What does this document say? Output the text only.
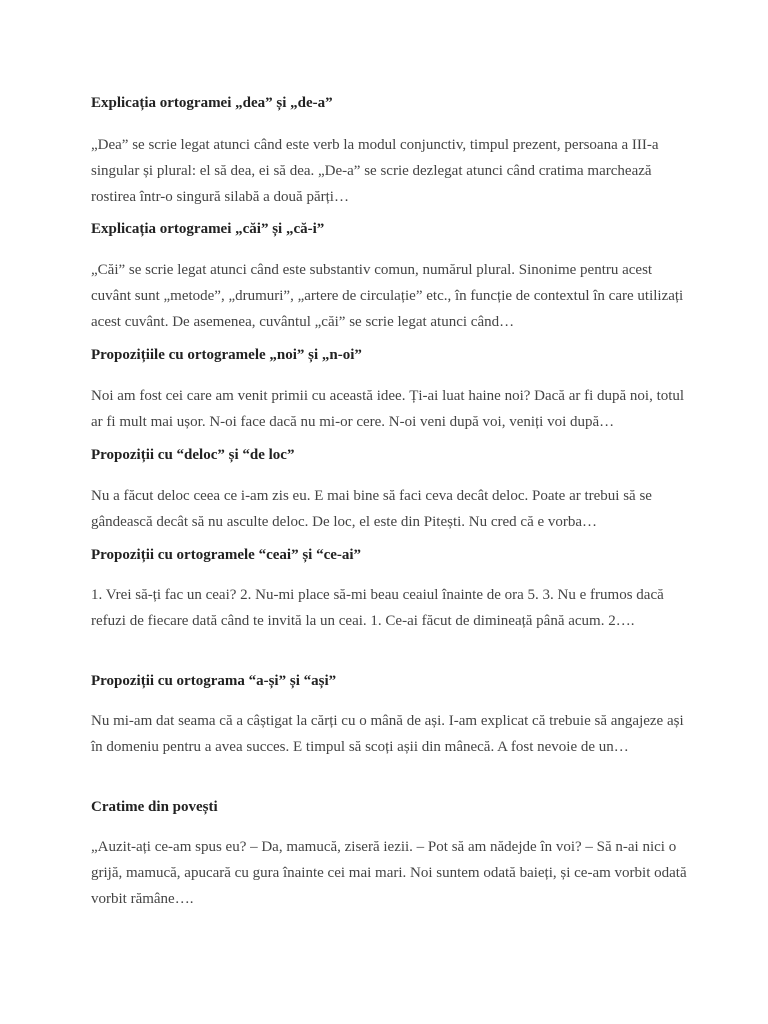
Explicația ortogramei „dea” și „de-a”

„Dea” se scrie legat atunci când este verb la modul conjunctiv, timpul prezent, persoana a III-a singular și plural: el să dea, ei să dea. „De-a” se scrie dezlegat atunci când cratima marchează rostirea într-o singură silabă a două părți…

Explicația ortogramei „căi” și „că-i”

„Căi” se scrie legat atunci când este substantiv comun, numărul plural. Sinonime pentru acest cuvânt sunt „metode”, „drumuri”, „artere de circulație” etc., în funcție de contextul în care utilizați acest cuvânt. De asemenea, cuvântul „căi” se scrie legat atunci când…

Propozițiile cu ortogramele „noi” și „n-oi”

Noi am fost cei care am venit primii cu această idee. Ți-ai luat haine noi? Dacă ar fi după noi, totul ar fi mult mai ușor. N-oi face dacă nu mi-or cere. N-oi veni după voi, veniți voi după…

Propoziții cu “deloc” și “de loc”

Nu a făcut deloc ceea ce i-am zis eu. E mai bine să faci ceva decât deloc. Poate ar trebui să se gândească decât să nu asculte deloc. De loc, el este din Pitești. Nu cred că e vorba…

Propoziții cu ortogramele “ceai” și “ce-ai”

1. Vrei să-ți fac un ceai? 2. Nu-mi place să-mi beau ceaiul înainte de ora 5. 3. Nu e frumos dacă refuzi de fiecare dată când te invită la un ceai. 1. Ce-ai făcut de dimineață până acum. 2….

Propoziții cu ortograma “a-și” și “ași”

Nu mi-am dat seama că a câștigat la cărți cu o mână de ași. I-am explicat că trebuie să angajeze ași în domeniu pentru a avea succes. E timpul să scoți așii din mânecă. A fost nevoie de un…

Cratime din povești

„Auzit-ați ce-am spus eu? – Da, mamucă, ziseră iezii. – Pot să am nădejde în voi? – Să n-ai nici o grijă, mamucă, apucară cu gura înainte cei mai mari. Noi suntem odată baieți, și ce-am vorbit odată vorbit rămâne….
